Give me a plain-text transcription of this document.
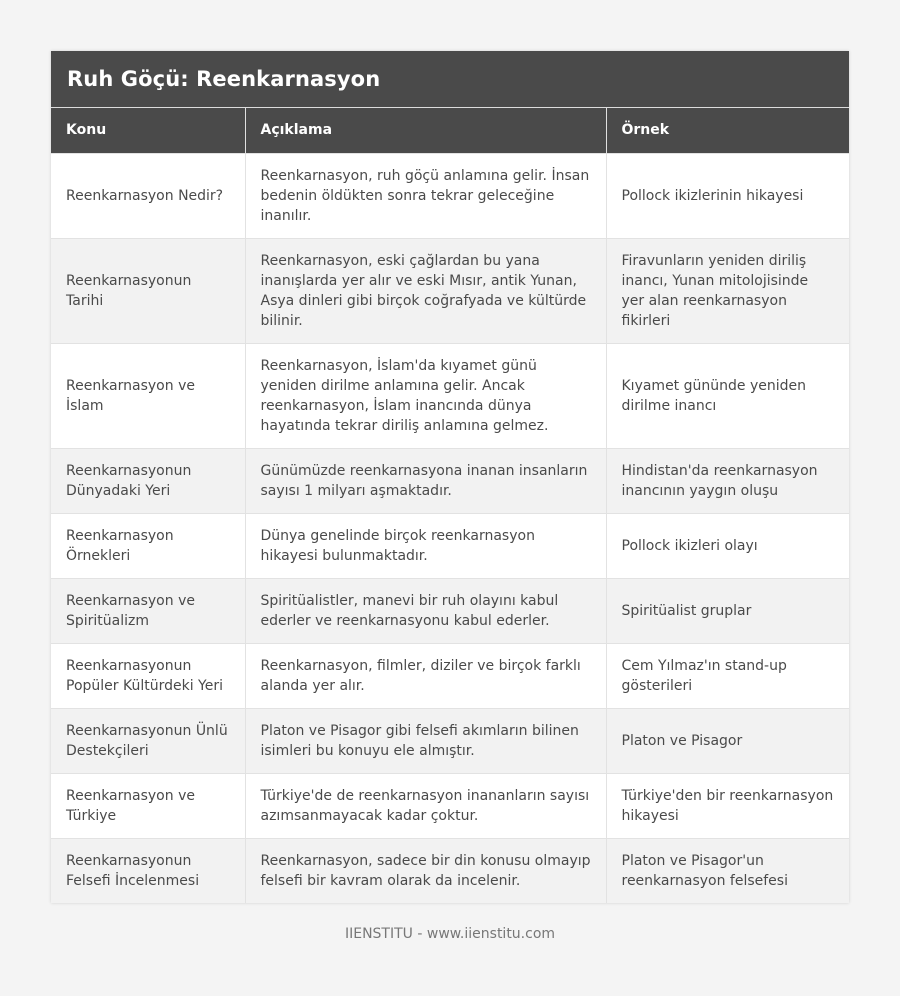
Ruh Göçü: Reenkarnasyon
Konu	Açıklama	Örnek
Reenkarnasyon Nedir?	Reenkarnasyon, ruh göçü anlamına gelir. İnsan bedenin öldükten sonra tekrar geleceğine inanılır.	Pollock ikizlerinin hikayesi
Reenkarnasyonun Tarihi	Reenkarnasyon, eski çağlardan bu yana inanışlarda yer alır ve eski Mısır, antik Yunan, Asya dinleri gibi birçok coğrafyada ve kültürde bilinir.	Firavunların yeniden diriliş inancı, Yunan mitolojisinde yer alan reenkarnasyon fikirleri
Reenkarnasyon ve İslam	Reenkarnasyon, İslam'da kıyamet günü yeniden dirilme anlamına gelir. Ancak reenkarnasyon, İslam inancında dünya hayatında tekrar diriliş anlamına gelmez.	Kıyamet gününde yeniden dirilme inancı
Reenkarnasyonun Dünyadaki Yeri	Günümüzde reenkarnasyona inanan insanların sayısı 1 milyarı aşmaktadır.	Hindistan'da reenkarnasyon inancının yaygın oluşu
Reenkarnasyon Örnekleri	Dünya genelinde birçok reenkarnasyon hikayesi bulunmaktadır.	Pollock ikizleri olayı
Reenkarnasyon ve Spiritüalizm	Spiritüalistler, manevi bir ruh olayını kabul ederler ve reenkarnasyonu kabul ederler.	Spiritüalist gruplar
Reenkarnasyonun Popüler Kültürdeki Yeri	Reenkarnasyon, filmler, diziler ve birçok farklı alanda yer alır.	Cem Yılmaz'ın stand-up gösterileri
Reenkarnasyonun Ünlü Destekçileri	Platon ve Pisagor gibi felsefi akımların bilinen isimleri bu konuyu ele almıştır.	Platon ve Pisagor
Reenkarnasyon ve Türkiye	Türkiye'de de reenkarnasyon inananların sayısı azımsanmayacak kadar çoktur.	Türkiye'den bir reenkarnasyon hikayesi
Reenkarnasyonun Felsefi İncelenmesi	Reenkarnasyon, sadece bir din konusu olmayıp felsefi bir kavram olarak da incelenir.	Platon ve Pisagor'un reenkarnasyon felsefesi
IIENSTITU - www.iienstitu.com
